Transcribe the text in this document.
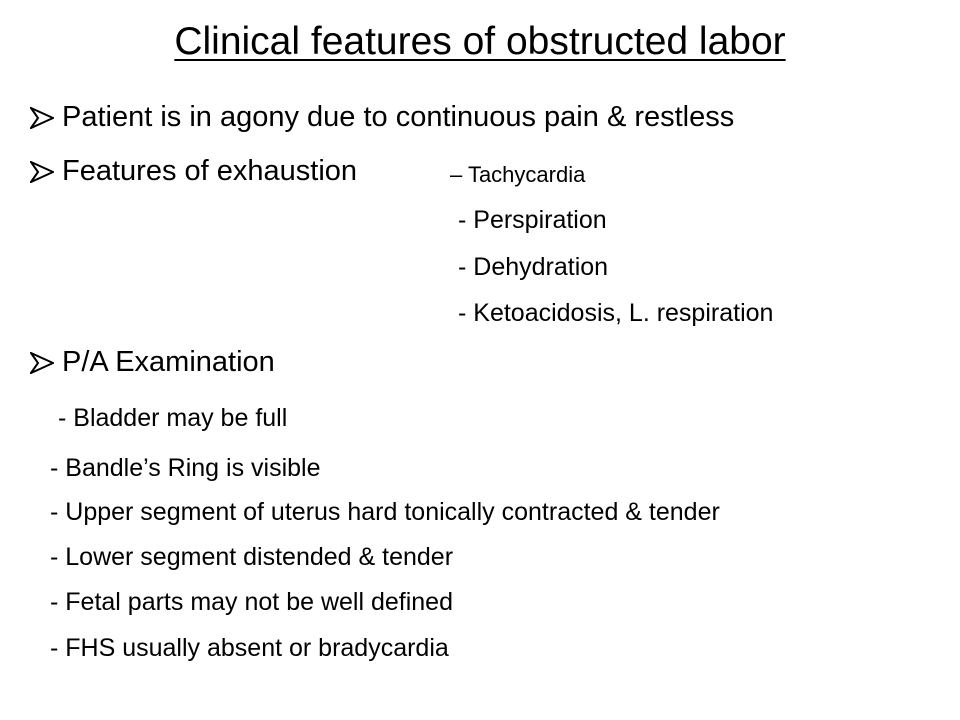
Clinical features of obstructed labor
Patient is in agony due to continuous pain & restless
Features of exhaustion	– Tachycardia
- Perspiration
- Dehydration
- Ketoacidosis, L. respiration
P/A Examination
- Bladder may be full
- Bandle’s Ring is visible
- Upper segment of uterus hard tonically contracted & tender
- Lower segment distended & tender
- Fetal parts may not be well defined
- FHS usually absent or bradycardia
